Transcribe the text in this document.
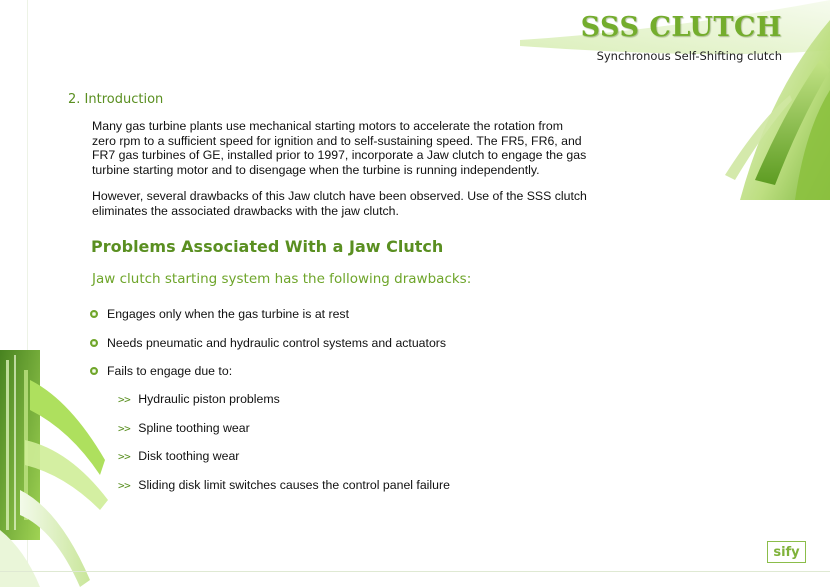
SSS CLUTCH
Synchronous Self-Shifting clutch
2. Introduction

Many gas turbine plants use mechanical starting motors to accelerate the rotation from zero rpm to a sufficient speed for ignition and to self-sustaining speed. The FR5, FR6, and FR7 gas turbines of GE, installed prior to 1997, incorporate a Jaw clutch to engage the gas turbine starting motor and to disengage when the turbine is running independently.

However, several drawbacks of this Jaw clutch have been observed. Use of the SSS clutch eliminates the associated drawbacks with the jaw clutch.

Problems Associated With a Jaw Clutch
Jaw clutch starting system has the following drawbacks:
Engages only when the gas turbine is at rest
Needs pneumatic and hydraulic control systems and actuators
Fails to engage due to:
>> Hydraulic piston problems
>> Spline toothing wear
>> Disk toothing wear
>> Sliding disk limit switches causes the control panel failure
sify
